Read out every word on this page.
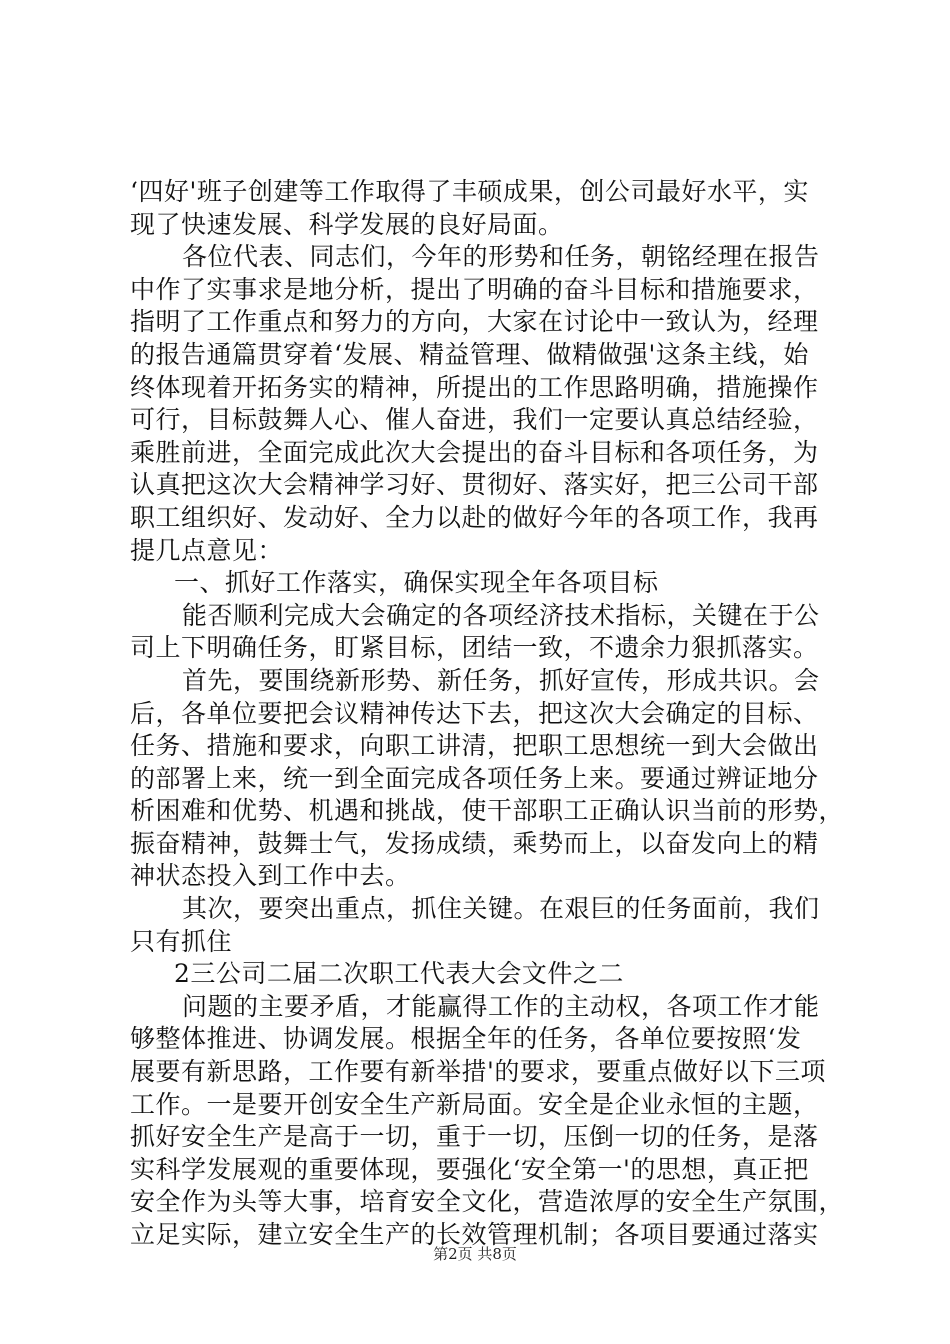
‘四好'班子创建等工作取得了丰硕成果，创公司最好水平，实
现了快速发展、科学发展的良好局面。
各位代表、同志们，今年的形势和任务，朝铭经理在报告
中作了实事求是地分析，提出了明确的奋斗目标和措施要求，
指明了工作重点和努力的方向，大家在讨论中一致认为，经理
的报告通篇贯穿着‘发展、精益管理、做精做强'这条主线，始
终体现着开拓务实的精神，所提出的工作思路明确，措施操作
可行，目标鼓舞人心、催人奋进，我们一定要认真总结经验，
乘胜前进，全面完成此次大会提出的奋斗目标和各项任务，为
认真把这次大会精神学习好、贯彻好、落实好，把三公司干部
职工组织好、发动好、全力以赴的做好今年的各项工作，我再
提几点意见：
一、抓好工作落实，确保实现全年各项目标
能否顺利完成大会确定的各项经济技术指标，关键在于公
司上下明确任务，盯紧目标，团结一致，不遗余力狠抓落实。
首先，要围绕新形势、新任务，抓好宣传，形成共识。会
后，各单位要把会议精神传达下去，把这次大会确定的目标、
任务、措施和要求，向职工讲清，把职工思想统一到大会做出
的部署上来，统一到全面完成各项任务上来。要通过辨证地分
析困难和优势、机遇和挑战，使干部职工正确认识当前的形势，
振奋精神，鼓舞士气，发扬成绩，乘势而上，以奋发向上的精
神状态投入到工作中去。
其次，要突出重点，抓住关键。在艰巨的任务面前，我们
只有抓住
2三公司二届二次职工代表大会文件之二
问题的主要矛盾，才能赢得工作的主动权，各项工作才能
够整体推进、协调发展。根据全年的任务，各单位要按照‘发
展要有新思路，工作要有新举措'的要求，要重点做好以下三项
工作。一是要开创安全生产新局面。安全是企业永恒的主题，
抓好安全生产是高于一切，重于一切，压倒一切的任务，是落
实科学发展观的重要体现，要强化‘安全第一'的思想，真正把
安全作为头等大事，培育安全文化，营造浓厚的安全生产氛围，
立足实际，建立安全生产的长效管理机制；各项目要通过落实
第2页 共8页
